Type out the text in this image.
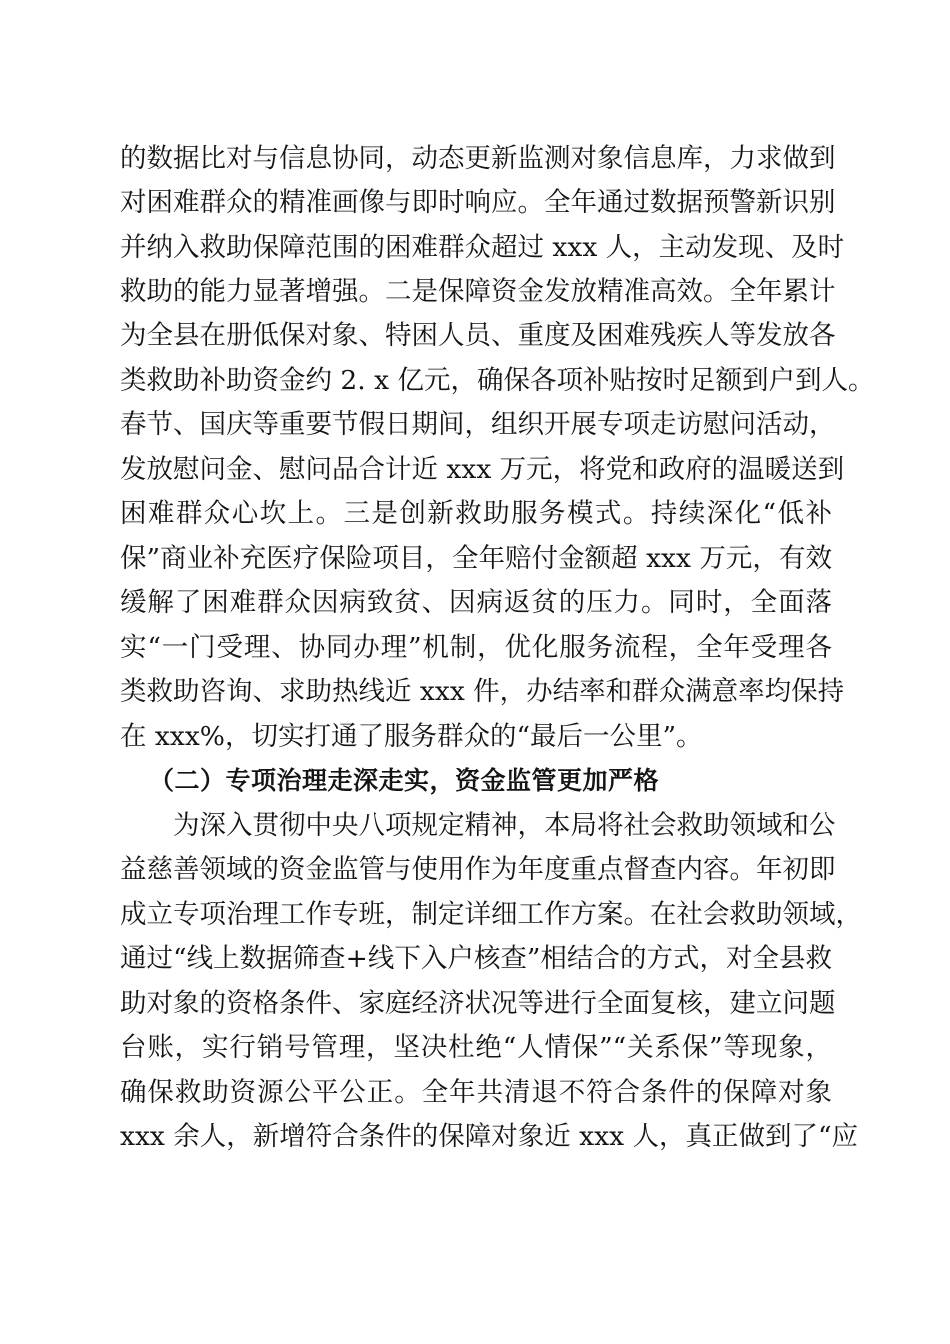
的数据比对与信息协同，动态更新监测对象信息库，力求做到
对困难群众的精准画像与即时响应。全年通过数据预警新识别
并纳入救助保障范围的困难群众超过 xxx 人，主动发现、及时
救助的能力显著增强。二是保障资金发放精准高效。全年累计
为全县在册低保对象、特困人员、重度及困难残疾人等发放各
类救助补助资金约 2. x 亿元，确保各项补贴按时足额到户到人。
春节、国庆等重要节假日期间，组织开展专项走访慰问活动，
发放慰问金、慰问品合计近 xxx 万元，将党和政府的温暖送到
困难群众心坎上。三是创新救助服务模式。持续深化“低补
保”商业补充医疗保险项目，全年赔付金额超 xxx 万元，有效
缓解了困难群众因病致贫、因病返贫的压力。同时，全面落
实“一门受理、协同办理”机制，优化服务流程，全年受理各
类救助咨询、求助热线近 xxx 件，办结率和群众满意率均保持
在 xxx%，切实打通了服务群众的“最后一公里”。
（二）专项治理走深走实，资金监管更加严格
为深入贯彻中央八项规定精神，本局将社会救助领域和公
益慈善领域的资金监管与使用作为年度重点督查内容。年初即
成立专项治理工作专班，制定详细工作方案。在社会救助领域，
通过“线上数据筛查+线下入户核查”相结合的方式，对全县救
助对象的资格条件、家庭经济状况等进行全面复核，建立问题
台账，实行销号管理，坚决杜绝“人情保”“关系保”等现象，
确保救助资源公平公正。全年共清退不符合条件的保障对象
xxx 余人，新增符合条件的保障对象近 xxx 人，真正做到了“应
